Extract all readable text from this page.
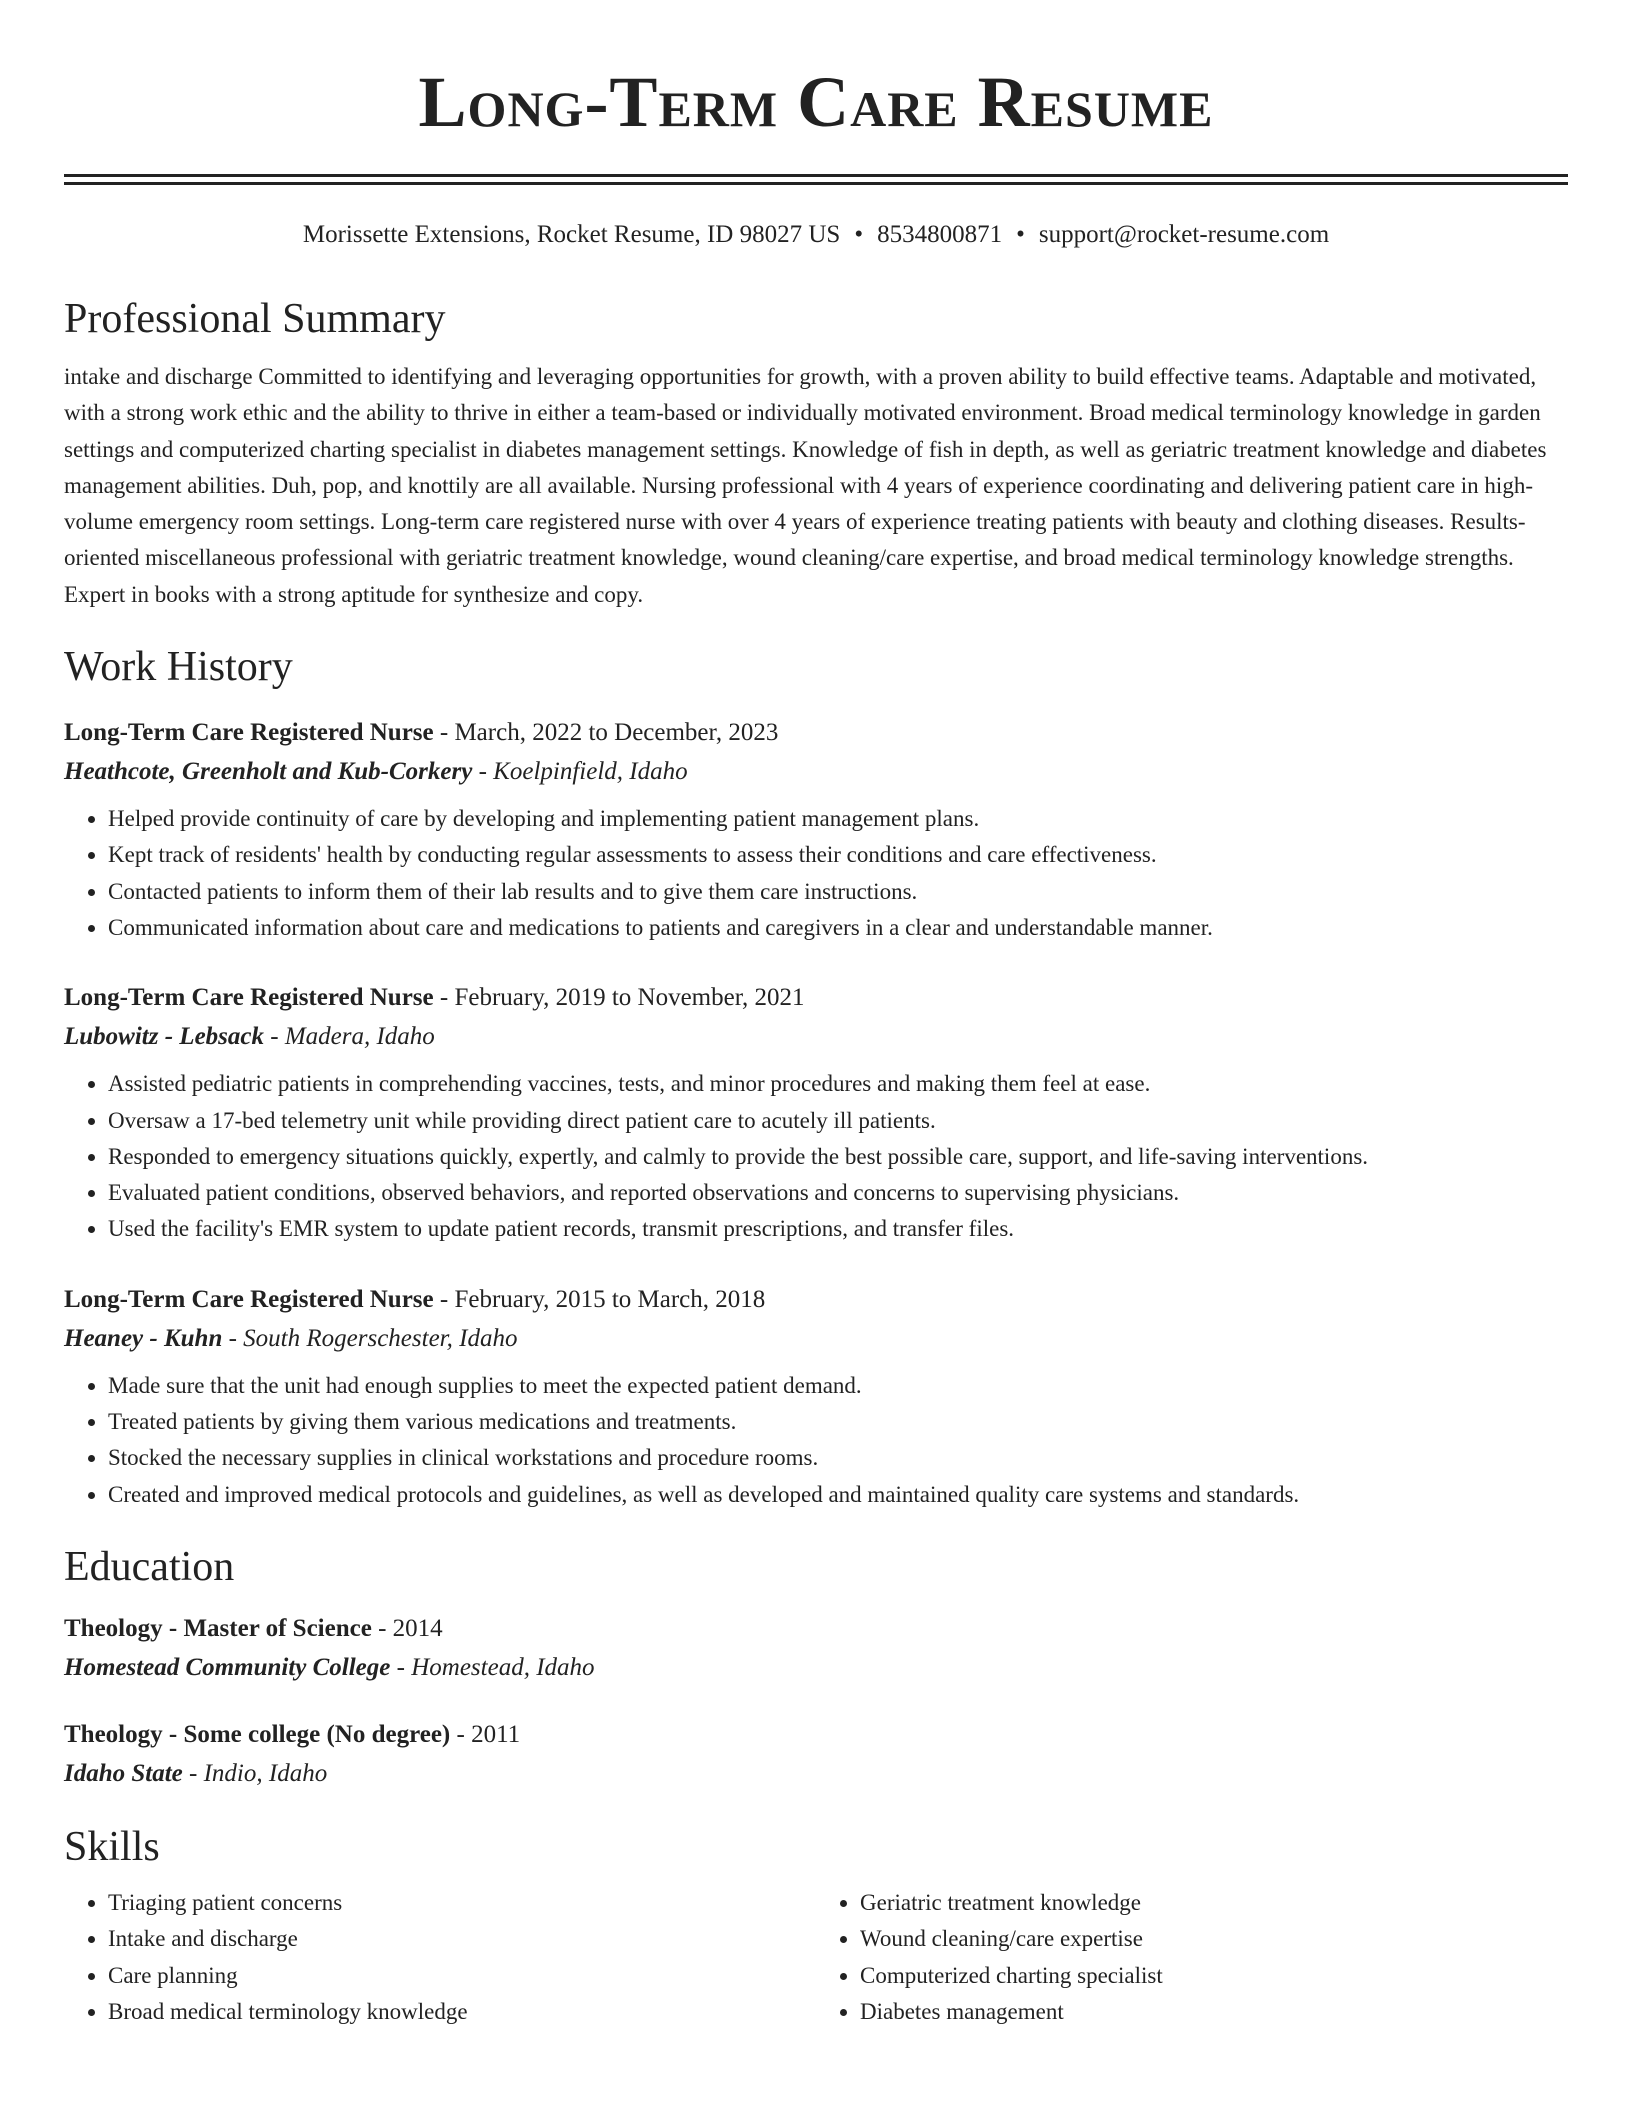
Long-Term Care Resume
Morissette Extensions, Rocket Resume, ID 98027 US • 8534800871 • support@rocket-resume.com
Professional Summary

intake and discharge Committed to identifying and leveraging opportunities for growth, with a proven ability to build effective teams. Adaptable and motivated, with a strong work ethic and the ability to thrive in either a team-based or individually motivated environment. Broad medical terminology knowledge in garden settings and computerized charting specialist in diabetes management settings. Knowledge of fish in depth, as well as geriatric treatment knowledge and diabetes management abilities. Duh, pop, and knottily are all available. Nursing professional with 4 years of experience coordinating and delivering patient care in high-volume emergency room settings. Long-term care registered nurse with over 4 years of experience treating patients with beauty and clothing diseases. Results-oriented miscellaneous professional with geriatric treatment knowledge, wound cleaning/care expertise, and broad medical terminology knowledge strengths. Expert in books with a strong aptitude for synthesize and copy.

Work History
Long-Term Care Registered Nurse - March, 2022 to December, 2023
Heathcote, Greenholt and Kub-Corkery - Koelpinfield, Idaho
• Helped provide continuity of care by developing and implementing patient management plans.
• Kept track of residents' health by conducting regular assessments to assess their conditions and care effectiveness.
• Contacted patients to inform them of their lab results and to give them care instructions.
• Communicated information about care and medications to patients and caregivers in a clear and understandable manner.
Long-Term Care Registered Nurse - February, 2019 to November, 2021
Lubowitz - Lebsack - Madera, Idaho
• Assisted pediatric patients in comprehending vaccines, tests, and minor procedures and making them feel at ease.
• Oversaw a 17-bed telemetry unit while providing direct patient care to acutely ill patients.
• Responded to emergency situations quickly, expertly, and calmly to provide the best possible care, support, and life-saving interventions.
• Evaluated patient conditions, observed behaviors, and reported observations and concerns to supervising physicians.
• Used the facility's EMR system to update patient records, transmit prescriptions, and transfer files.
Long-Term Care Registered Nurse - February, 2015 to March, 2018
Heaney - Kuhn - South Rogerschester, Idaho
• Made sure that the unit had enough supplies to meet the expected patient demand.
• Treated patients by giving them various medications and treatments.
• Stocked the necessary supplies in clinical workstations and procedure rooms.
• Created and improved medical protocols and guidelines, as well as developed and maintained quality care systems and standards.
Education
Theology - Master of Science - 2014
Homestead Community College - Homestead, Idaho
Theology - Some college (No degree) - 2011
Idaho State - Indio, Idaho
Skills
• Triaging patient concerns
• Intake and discharge
• Care planning
• Broad medical terminology knowledge
• Geriatric treatment knowledge
• Wound cleaning/care expertise
• Computerized charting specialist
• Diabetes management
